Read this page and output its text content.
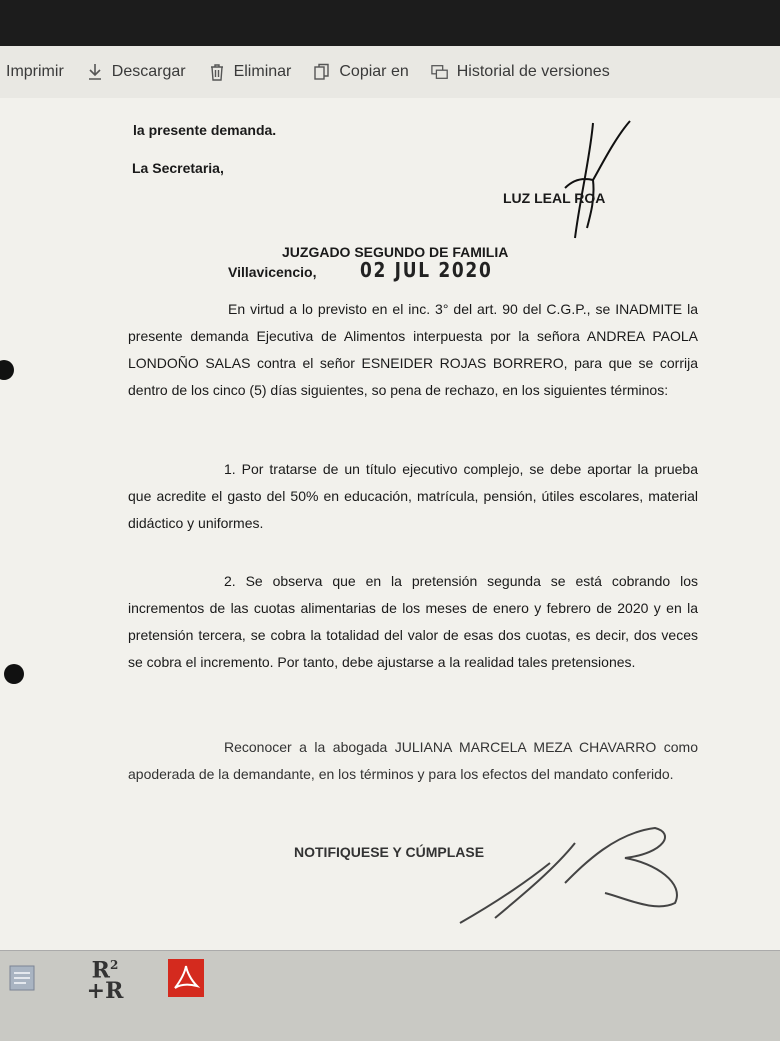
Imprimir	Descargar	Eliminar	Copiar en	Historial de versiones
la presente demanda.
La Secretaria,
LUZ LEAL ROA
JUZGADO SEGUNDO DE FAMILIA
Villavicencio, 02 JUL 2020
En virtud a lo previsto en el inc. 3° del art. 90 del C.G.P., se INADMITE la presente demanda Ejecutiva de Alimentos interpuesta por la señora ANDREA PAOLA LONDOÑO SALAS contra el señor ESNEIDER ROJAS BORRERO, para que se corrija dentro de los cinco (5) días siguientes, so pena de rechazo, en los siguientes términos:
1. Por tratarse de un título ejecutivo complejo, se debe aportar la prueba que acredite el gasto del 50% en educación, matrícula, pensión, útiles escolares, material didáctico y uniformes.
2. Se observa que en la pretensión segunda se está cobrando los incrementos de las cuotas alimentarias de los meses de enero y febrero de 2020 y en la pretensión tercera, se cobra la totalidad del valor de esas dos cuotas, es decir, dos veces se cobra el incremento. Por tanto, debe ajustarse a la realidad tales pretensiones.
Reconocer a la abogada JULIANA MARCELA MEZA CHAVARRO como apoderada de la demandante, en los términos y para los efectos del mandato conferido.
NOTIFIQUESE Y CÚMPLASE
$R^2$
+R
